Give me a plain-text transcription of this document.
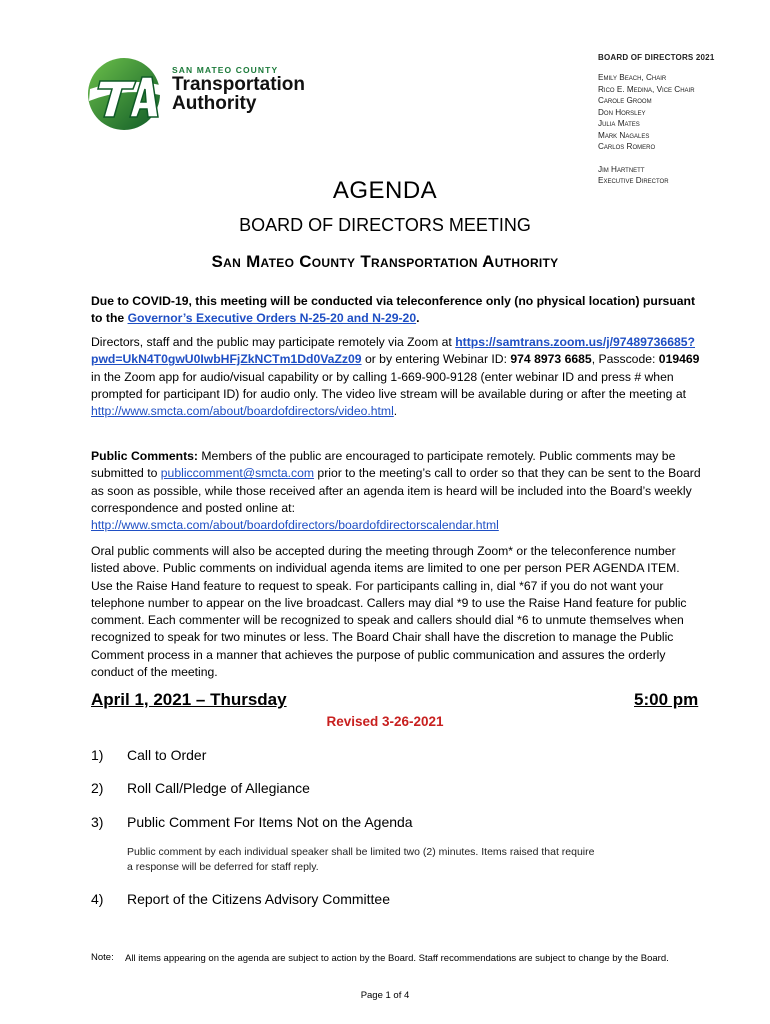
SAN MATEO COUNTY
Transportation
Authority
BOARD OF DIRECTORS 2021
Emily Beach, Chair
Rico E. Medina, Vice Chair
Carole Groom
Don Horsley
Julia Mates
Mark Nagales
Carlos Romero
Jim Hartnett
Executive Director
AGENDA
BOARD OF DIRECTORS MEETING
San Mateo County Transportation Authority
Due to COVID-19, this meeting will be conducted via teleconference only (no physical location) pursuant to the Governor’s Executive Orders N-25-20 and N-29-20.
Directors, staff and the public may participate remotely via Zoom at https://samtrans.zoom.us/j/97489736685?pwd=UkN4T0gwU0IwbHFjZkNCTm1Dd0VaZz09 or by entering Webinar ID: 974 8973 6685, Passcode: 019469 in the Zoom app for audio/visual capability or by calling 1-669-900-9128 (enter webinar ID and press # when prompted for participant ID) for audio only. The video live stream will be available during or after the meeting at http://www.smcta.com/about/boardofdirectors/video.html.
Public Comments: Members of the public are encouraged to participate remotely. Public comments may be submitted to publiccomment@smcta.com prior to the meeting’s call to order so that they can be sent to the Board as soon as possible, while those received after an agenda item is heard will be included into the Board’s weekly correspondence and posted online at: http://www.smcta.com/about/boardofdirectors/boardofdirectorscalendar.html
Oral public comments will also be accepted during the meeting through Zoom* or the teleconference number listed above. Public comments on individual agenda items are limited to one per person PER AGENDA ITEM. Use the Raise Hand feature to request to speak. For participants calling in, dial *67 if you do not want your telephone number to appear on the live broadcast. Callers may dial *9 to use the Raise Hand feature for public comment. Each commenter will be recognized to speak and callers should dial *6 to unmute themselves when recognized to speak for two minutes or less. The Board Chair shall have the discretion to manage the Public Comment process in a manner that achieves the purpose of public communication and assures the orderly conduct of the meeting.
April 1, 2021 – Thursday	5:00 pm
Revised 3-26-2021
1)	Call to Order
2)	Roll Call/Pledge of Allegiance
3)	Public Comment For Items Not on the Agenda
Public comment by each individual speaker shall be limited two (2) minutes. Items raised that require a response will be deferred for staff reply.
4)	Report of the Citizens Advisory Committee
Note: All items appearing on the agenda are subject to action by the Board. Staff recommendations are subject to change by the Board.
Page 1 of 4
